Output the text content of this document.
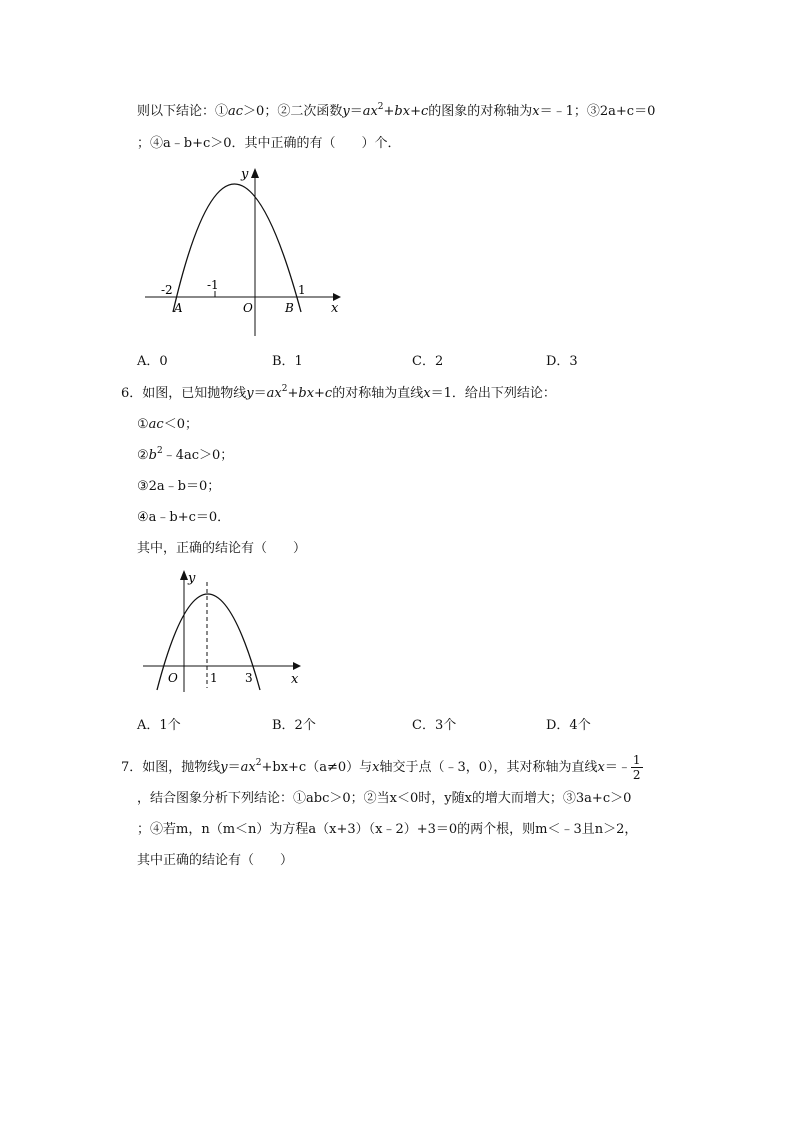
则以下结论：①ac＞0；②二次函数$y=ax^2+bx+c$的图象的对称轴为x＝﹣1；③2a+c＝0
；④a﹣b+c＞0．其中正确的有（　　）个．
y
x
-2	-1	1
A	O	B
A．0	B．1	C．2	D．3
6．如图，已知抛物线$y=ax^2+bx+c$的对称轴为直线x＝1．给出下列结论：
①ac＜0；
$②b^2﹣4ac>0$；
③2a﹣b＝0；
④a﹣b+c＝0．
其中，正确的结论有（　　）
y
x
O	1 3
A．1个	B．2个	C．3个	D．4个
7．如图，抛物线$y=ax^2+bx+c(a\ne 0)$与x轴交于点（﹣3，0），其对称轴为直线x＝﹣ $\frac{1}{2}$
，结合图象分析下列结论：①abc＞0；②当x＜0时，y随x的增大而增大；③3a+c＞0
；④若m，n（m＜n）为方程a（x+3）（x﹣2）+3＝0的两个根，则m＜﹣3且n＞2，
其中正确的结论有（　　）
